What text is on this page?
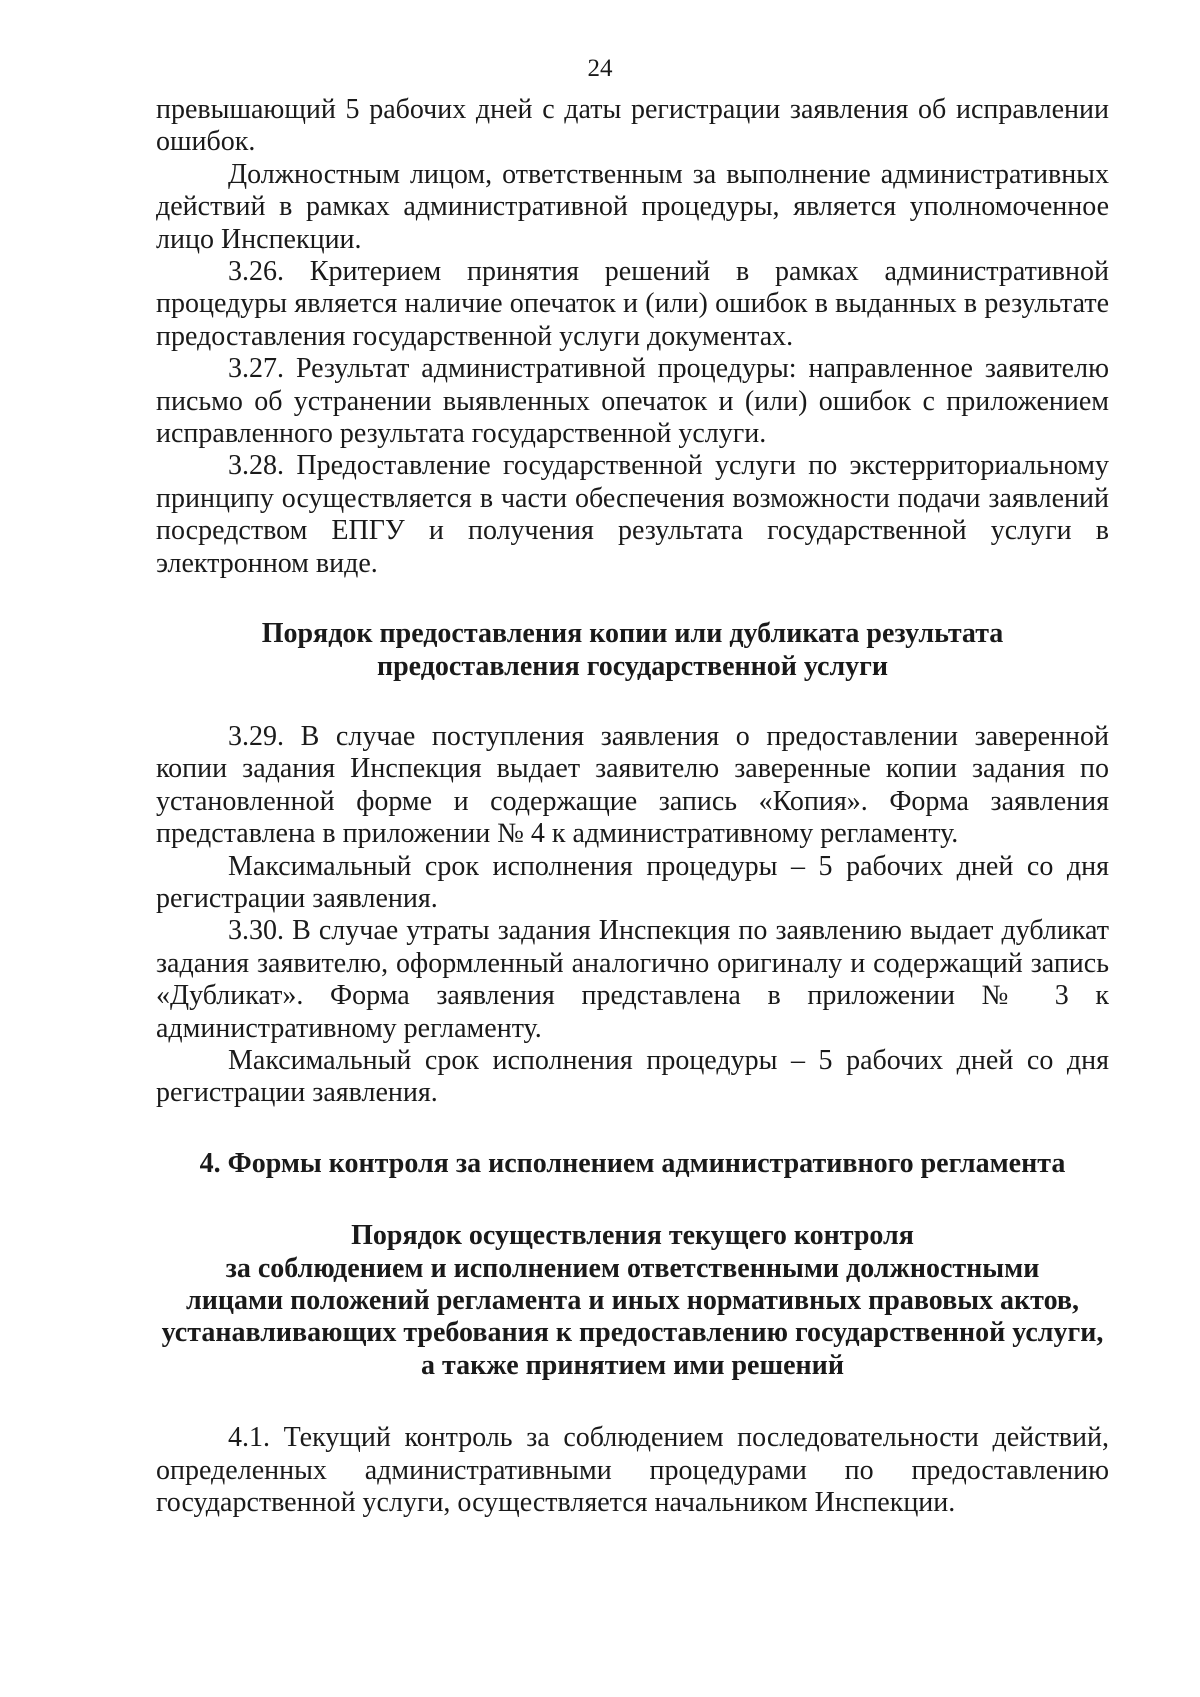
24

превышающий 5 рабочих дней с даты регистрации заявления об исправлении ошибок.

Должностным лицом, ответственным за выполнение административных действий в рамках административной процедуры, является уполномоченное лицо Инспекции.

3.26. Критерием принятия решений в рамках административной процедуры является наличие опечаток и (или) ошибок в выданных в результате предоставления государственной услуги документах.

3.27. Результат административной процедуры: направленное заявителю письмо об устранении выявленных опечаток и (или) ошибок с приложением исправленного результата государственной услуги.

3.28. Предоставление государственной услуги по экстерриториальному принципу осуществляется в части обеспечения возможности подачи заявлений посредством ЕПГУ и получения результата государственной услуги в электронном виде.

Порядок предоставления копии или дубликата результата
предоставления государственной услуги

3.29. В случае поступления заявления о предоставлении заверенной копии задания Инспекция выдает заявителю заверенные копии задания по установленной форме и содержащие запись «Копия». Форма заявления представлена в приложении № 4 к административному регламенту.

Максимальный срок исполнения процедуры – 5 рабочих дней со дня регистрации заявления.

3.30. В случае утраты задания Инспекция по заявлению выдает дубликат задания заявителю, оформленный аналогично оригиналу и содержащий запись «Дубликат». Форма заявления представлена в приложении № 3 к административному регламенту.

Максимальный срок исполнения процедуры – 5 рабочих дней со дня регистрации заявления.

4. Формы контроля за исполнением административного регламента
Порядок осуществления текущего контроля
за соблюдением и исполнением ответственными должностными
лицами положений регламента и иных нормативных правовых актов,
устанавливающих требования к предоставлению государственной услуги,
а также принятием ими решений

4.1. Текущий контроль за соблюдением последовательности действий, определенных административными процедурами по предоставлению государственной услуги, осуществляется начальником Инспекции.
